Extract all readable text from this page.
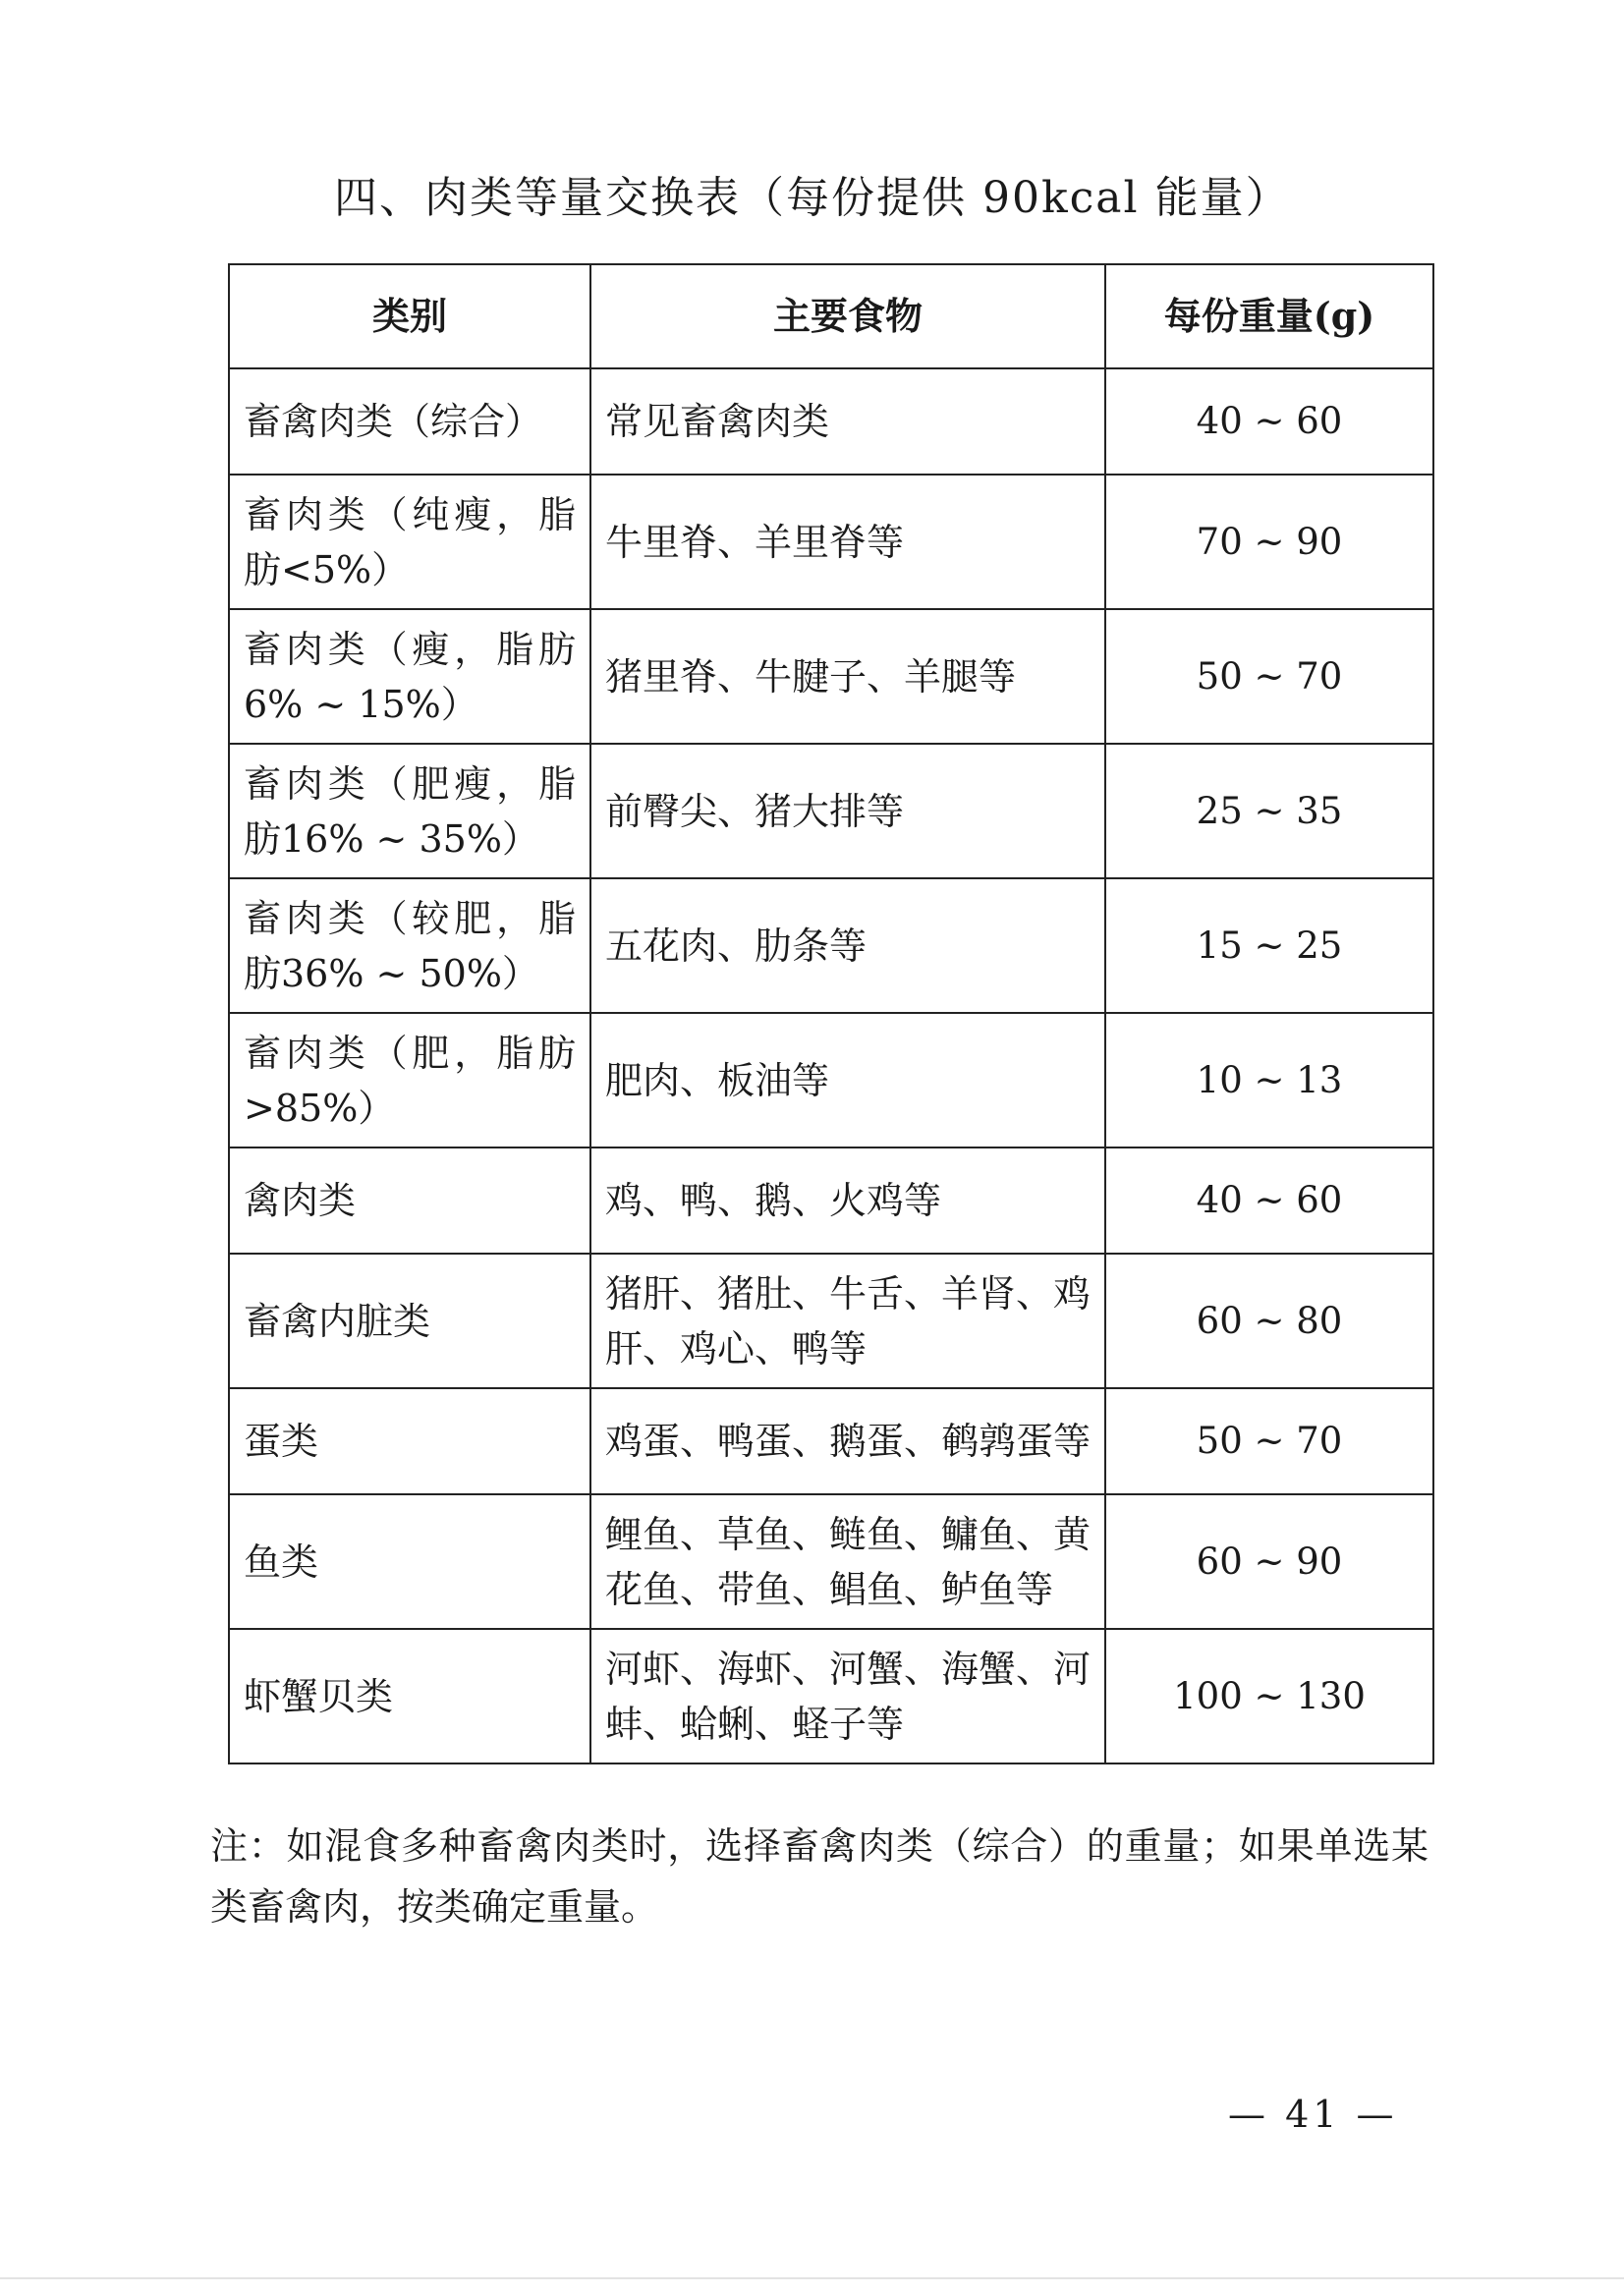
四、肉类等量交换表（每份提供 90kcal 能量）
类别	主要食物	每份重量(g)
畜禽肉类（综合）	常见畜禽肉类	40 ~ 60
畜肉类（纯瘦，脂肪<5%）	牛里脊、羊里脊等	70 ~ 90
畜肉类（瘦，脂肪6% ~ 15%）	猪里脊、牛腱子、羊腿等	50 ~ 70
畜肉类（肥瘦，脂肪16% ~ 35%）	前臀尖、猪大排等	25 ~ 35
畜肉类（较肥，脂肪36% ~ 50%）	五花肉、肋条等	15 ~ 25
畜肉类（肥，脂肪>85%）	肥肉、板油等	10 ~ 13
禽肉类	鸡、鸭、鹅、火鸡等	40 ~ 60
畜禽内脏类	猪肝、猪肚、牛舌、羊肾、鸡肝、鸡心、鸭等	60 ~ 80
蛋类	鸡蛋、鸭蛋、鹅蛋、鹌鹑蛋等	50 ~ 70
鱼类	鲤鱼、草鱼、鲢鱼、鳙鱼、黄花鱼、带鱼、鲳鱼、鲈鱼等	60 ~ 90
虾蟹贝类	河虾、海虾、河蟹、海蟹、河蚌、蛤蜊、蛏子等	100 ~ 130
注：如混食多种畜禽肉类时，选择畜禽肉类（综合）的重量；如果单选某类畜禽肉，按类确定重量。
— 41 —
